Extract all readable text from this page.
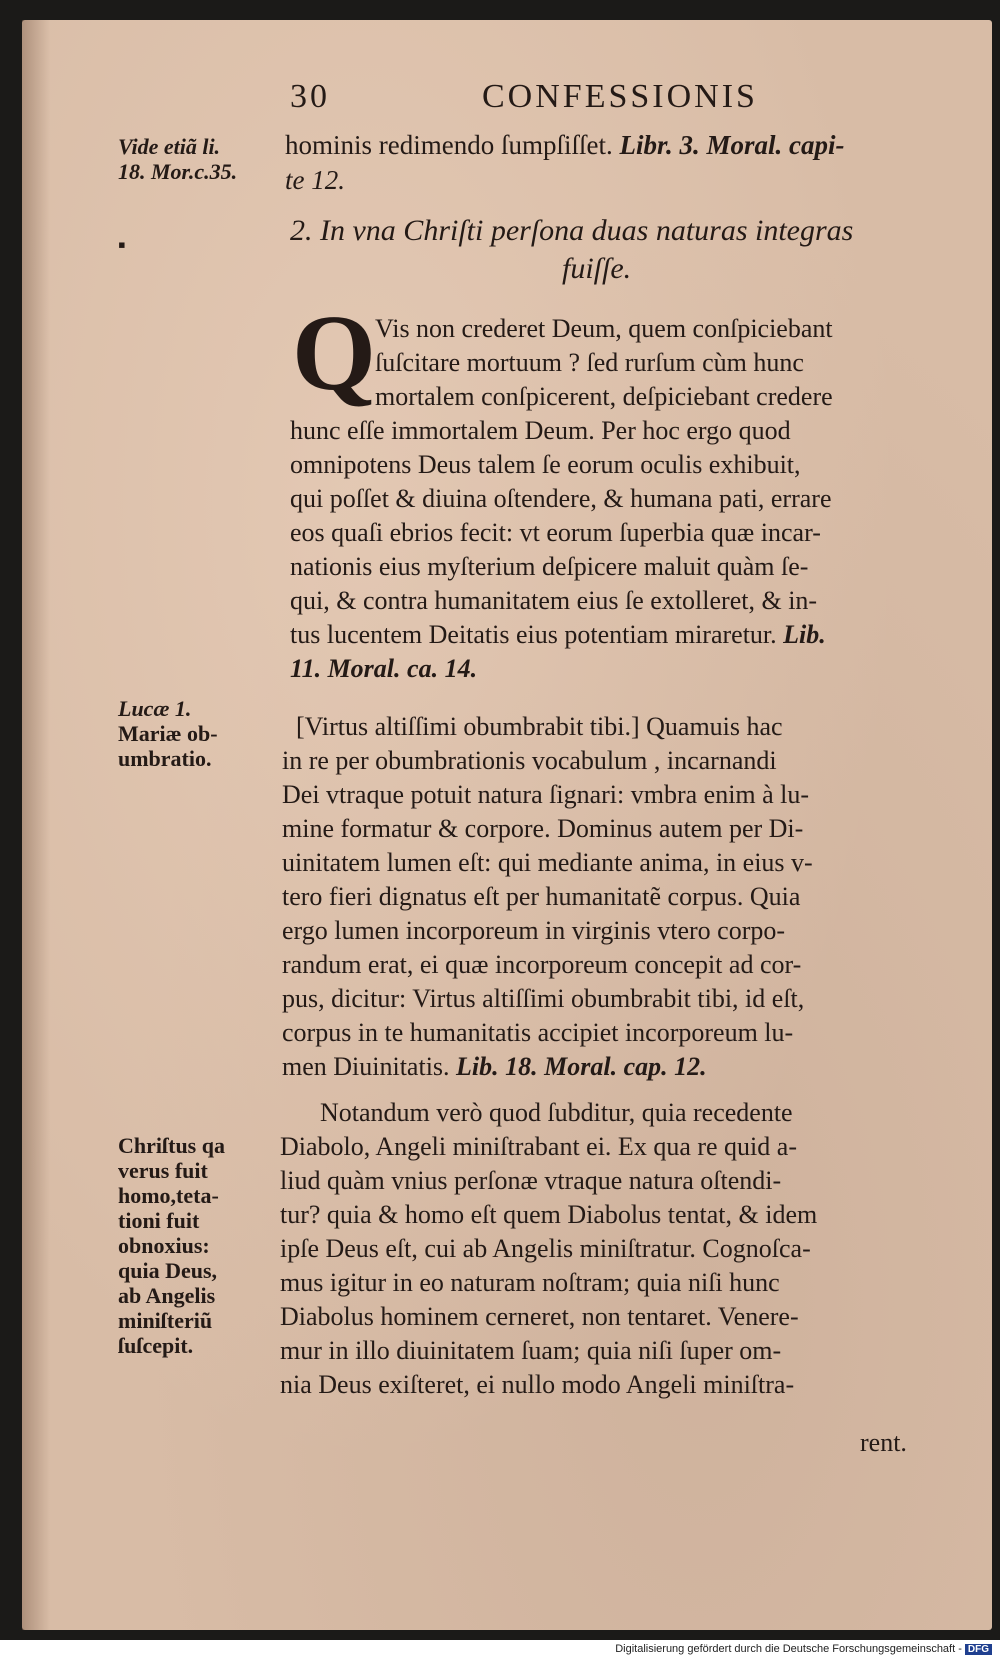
30	CONFESSIONIS
hominis redimendo ſumpſiſſet. Libr. 3. Moral. capi-
te 12.
Vide etiã li.
18. Mor.c.35.
▪	2. In vna Chriſti perſona duas naturas integras
fuiſſe.
Q
Vis non crederet Deum, quem conſpiciebant
ſuſcitare mortuum ? ſed rurſum cùm hunc
mortalem conſpicerent, deſpiciebant credere
hunc eſſe immortalem Deum. Per hoc ergo quod
omnipotens Deus talem ſe eorum oculis exhibuit,
qui poſſet & diuina oſtendere, & humana pati, errare
eos quaſi ebrios fecit: vt eorum ſuperbia quæ incar-
nationis eius myſterium deſpicere maluit quàm ſe-
qui, & contra humanitatem eius ſe extolleret, & in-
tus lucentem Deitatis eius potentiam miraretur. Lib.
11. Moral. ca. 14.
Lucæ 1.
Mariæ ob-
umbratio.
[Virtus altiſſimi obumbrabit tibi.] Quamuis hac
in re per obumbrationis vocabulum , incarnandi
Dei vtraque potuit natura ſignari: vmbra enim à lu-
mine formatur & corpore. Dominus autem per Di-
uinitatem lumen eſt: qui mediante anima, in eius v-
tero fieri dignatus eſt per humanitatẽ corpus. Quia
ergo lumen incorporeum in virginis vtero corpo-
randum erat, ei quæ incorporeum concepit ad cor-
pus, dicitur: Virtus altiſſimi obumbrabit tibi, id eſt,
corpus in te humanitatis accipiet incorporeum lu-
men Diuinitatis. Lib. 18. Moral. cap. 12.
Chriſtus qa
verus fuit
homo,teta-
tioni fuit
obnoxius:
quia Deus,
ab Angelis
miniſteriũ
ſuſcepit.
Notandum verò quod ſubditur, quia recedente
Diabolo, Angeli miniſtrabant ei. Ex qua re quid a-
liud quàm vnius perſonæ vtraque natura oſtendi-
tur? quia & homo eſt quem Diabolus tentat, & idem
ipſe Deus eſt, cui ab Angelis miniſtratur. Cognoſca-
mus igitur in eo naturam noſtram; quia niſi hunc
Diabolus hominem cerneret, non tentaret. Venere-
mur in illo diuinitatem ſuam; quia niſi ſuper om-
nia Deus exiſteret, ei nullo modo Angeli miniſtra-
rent.
Digitalisierung gefördert durch die Deutsche Forschungsgemeinschaft - DFG
